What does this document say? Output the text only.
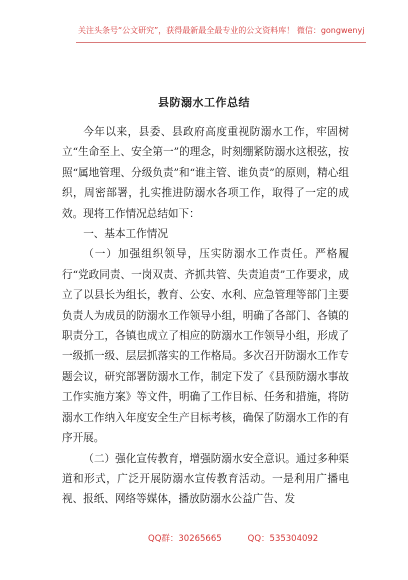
关注头条号“公文研究”，获得最新最全最专业的公文资料库！ 微信：gongwenyj
县防溺水工作总结

今年以来，县委、县政府高度重视防溺水工作，牢固树立“生命至上、安全第一”的理念，时刻绷紧防溺水这根弦，按照“属地管理、分级负责”和“谁主管、谁负责”的原则，精心组织，周密部署，扎实推进防溺水各项工作，取得了一定的成效。现将工作情况总结如下：

一、基本工作情况

（一）加强组织领导，压实防溺水工作责任。严格履行“党政同责、一岗双责、齐抓共管、失责追责”工作要求，成立了以县长为组长，教育、公安、水利、应急管理等部门主要负责人为成员的防溺水工作领导小组，明确了各部门、各镇的职责分工，各镇也成立了相应的防溺水工作领导小组，形成了一级抓一级、层层抓落实的工作格局。多次召开防溺水工作专题会议，研究部署防溺水工作，制定下发了《县预防溺水事故工作实施方案》等文件，明确了工作目标、任务和措施，将防溺水工作纳入年度安全生产目标考核，确保了防溺水工作的有序开展。

（二）强化宣传教育，增强防溺水安全意识。通过多种渠道和形式，广泛开展防溺水宣传教育活动。一是利用广播电视、报纸、网络等媒体，播放防溺水公益广告、发

QQ群：30265665	QQ：535304092
